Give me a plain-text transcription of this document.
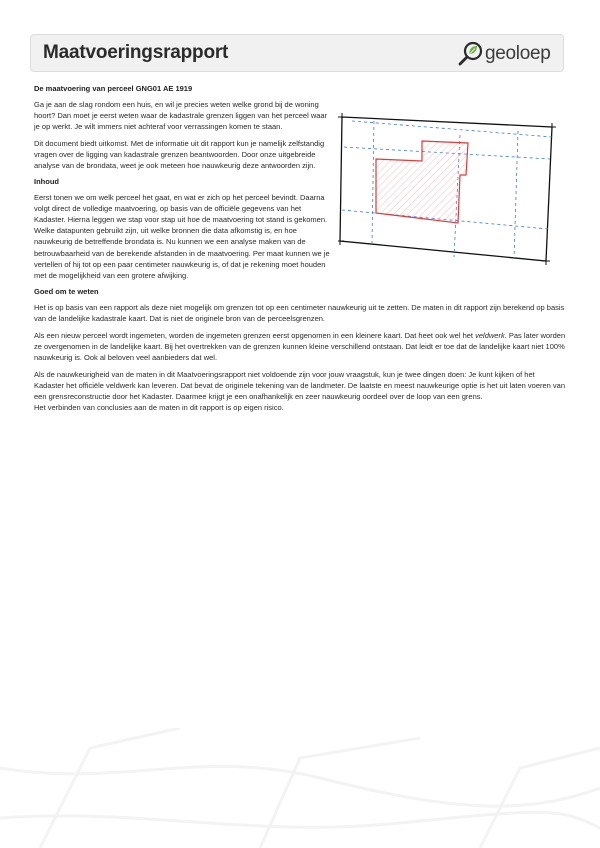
Maatvoeringsrapport	geoloep
De maatvoering van perceel GNG01 AE 1919

Ga je aan de slag rondom een huis, en wil je precies weten welke grond bij de woning hoort? Dan moet je eerst weten waar de kadastrale grenzen liggen van het perceel waar je op werkt. Je wilt immers niet achteraf voor verrassingen komen te staan.

Dit document biedt uitkomst. Met de informatie uit dit rapport kun je namelijk zelfstandig vragen over de ligging van kadastrale grenzen beantwoorden. Door onze uitgebreide analyse van de brondata, weet je ook meteen hoe nauwkeurig deze antwoorden zijn.

Inhoud

Eerst tonen we om welk perceel het gaat, en wat er zich op het perceel bevindt. Daarna volgt direct de volledige maatvoering, op basis van de officiële gegevens van het Kadaster. Hierna leggen we stap voor stap uit hoe de maatvoering tot stand is gekomen. Welke datapunten gebruikt zijn, uit welke bronnen die data afkomstig is, en hoe nauwkeurig de betreffende brondata is. Nu kunnen we een analyse maken van de betrouwbaarheid van de berekende afstanden in de maatvoering. Per maat kunnen we je vertellen of hij tot op een paar centimeter nauwkeurig is, of dat je rekening moet houden met de mogelijkheid van een grotere afwijking.

Goed om te weten

Het is op basis van een rapport als deze niet mogelijk om grenzen tot op een centimeter nauwkeurig uit te zetten. De maten in dit rapport zijn berekend op basis van de landelijke kadastrale kaart. Dat is niet de originele bron van de perceelsgrenzen.

Als een nieuw perceel wordt ingemeten, worden de ingemeten grenzen eerst opgenomen in een kleinere kaart. Dat heet ook wel het veldwerk. Pas later worden ze overgenomen in de landelijke kaart. Bij het overtrekken van de grenzen kunnen kleine verschillend ontstaan. Dat leidt er toe dat de landelijke kaart niet 100% nauwkeurig is. Ook al beloven veel aanbieders dat wel.

Als de nauwkeurigheid van de maten in dit Maatvoeringsrapport niet voldoende zijn voor jouw vraagstuk, kun je twee dingen doen: Je kunt kijken of het Kadaster het officiële veldwerk kan leveren. Dat bevat de originele tekening van de landmeter. De laatste en meest nauwkeurige optie is het uit laten voeren van een grensreconstructie door het Kadaster. Daarmee krijgt je een onafhankelijk en zeer nauwkeurig oordeel over de loop van een grens.
Het verbinden van conclusies aan de maten in dit rapport is op eigen risico.
